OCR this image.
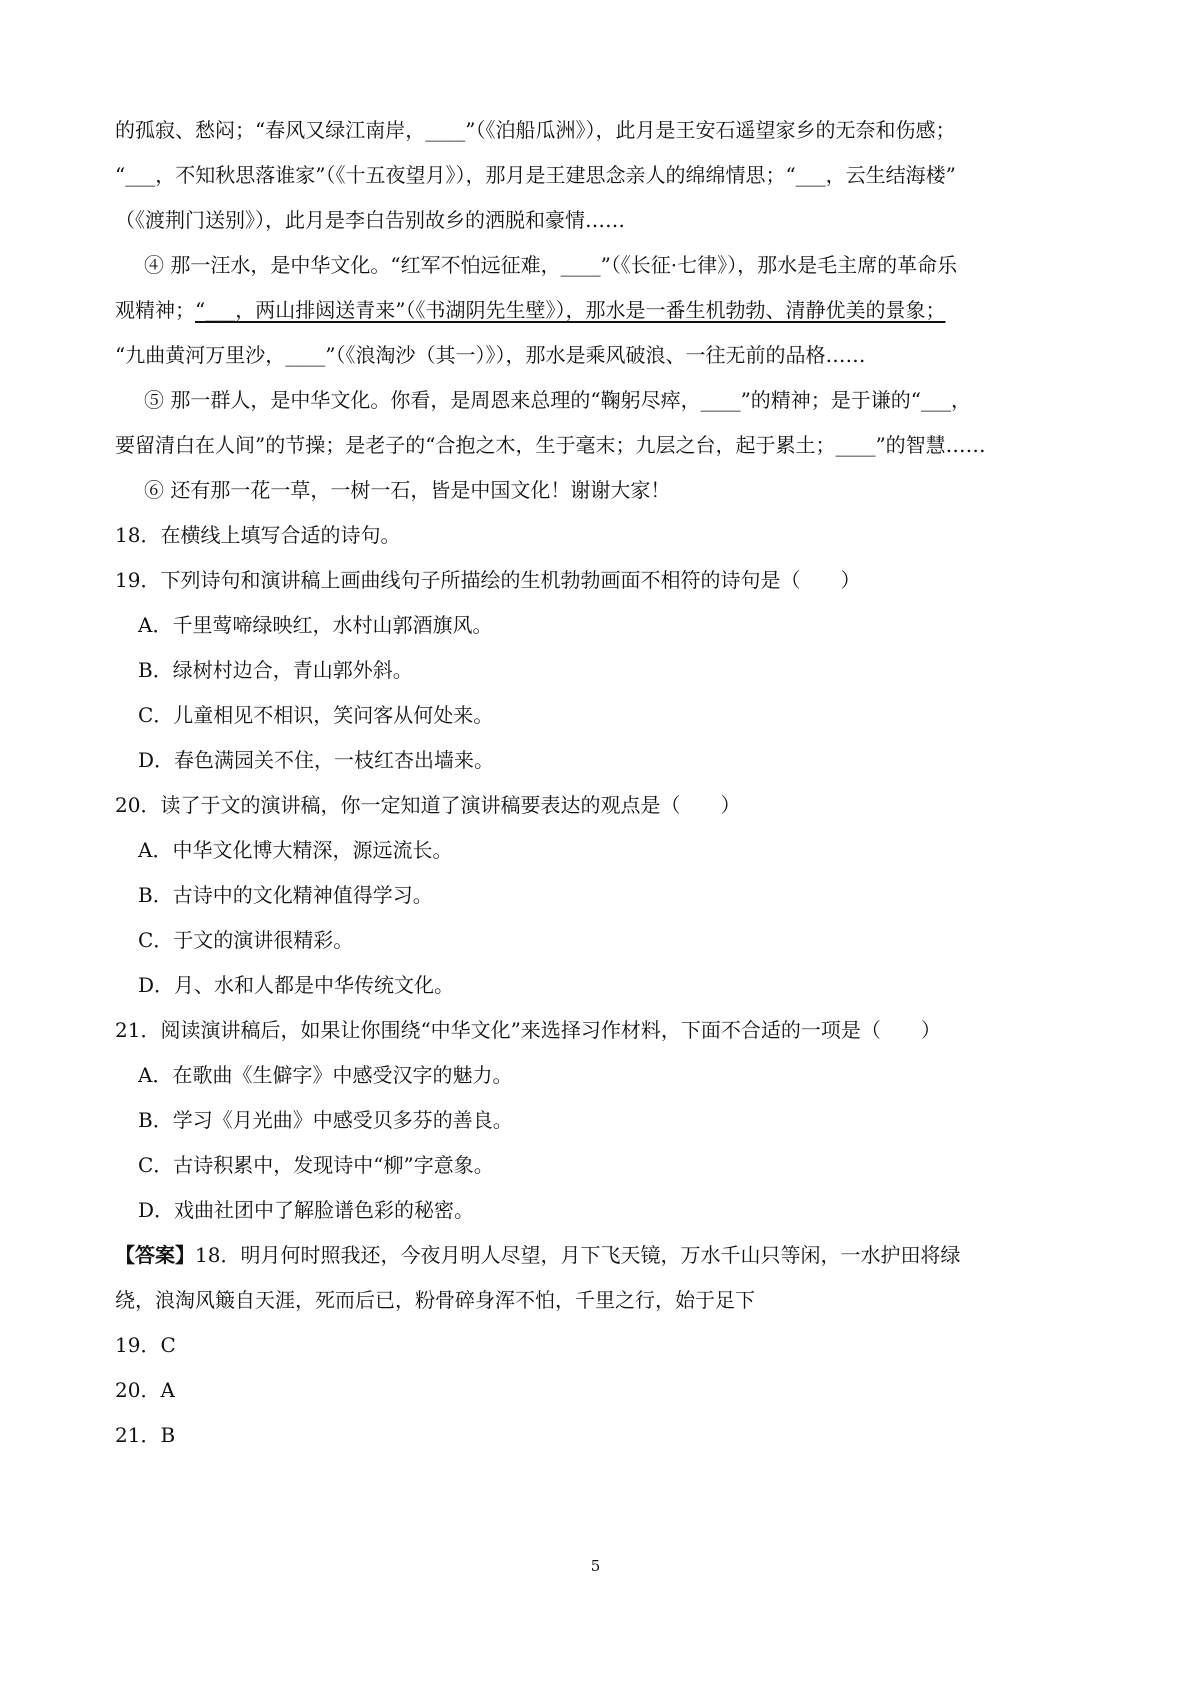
的孤寂、愁闷；“春风又绿江南岸，____”（《泊船瓜洲》），此月是王安石遥望家乡的无奈和伤感；
“___，不知秋思落谁家”（《十五夜望月》），那月是王建思念亲人的绵绵情思；“___，云生结海楼”
（《渡荆门送别》），此月是李白告别故乡的洒脱和豪情……
④ 那一汪水，是中华文化。“红军不怕远征难，____”（《长征·七律》），那水是毛主席的革命乐
观精神；“___，两山排闼送青来”（《书湖阴先生壁》），那水是一番生机勃勃、清静优美的景象；
“九曲黄河万里沙，____”（《浪淘沙（其一）》），那水是乘风破浪、一往无前的品格……
⑤ 那一群人，是中华文化。你看，是周恩来总理的“鞠躬尽瘁，____”的精神；是于谦的“___，
要留清白在人间”的节操；是老子的“合抱之木，生于毫末；九层之台，起于累土；____”的智慧……
⑥ 还有那一花一草，一树一石，皆是中国文化！谢谢大家！
18．在横线上填写合适的诗句。
19．下列诗句和演讲稿上画曲线句子所描绘的生机勃勃画面不相符的诗句是（　　）
A．千里莺啼绿映红，水村山郭酒旗风。
B．绿树村边合，青山郭外斜。
C．儿童相见不相识，笑问客从何处来。
D．春色满园关不住，一枝红杏出墙来。
20．读了于文的演讲稿，你一定知道了演讲稿要表达的观点是（　　）
A．中华文化博大精深，源远流长。
B．古诗中的文化精神值得学习。
C．于文的演讲很精彩。
D．月、水和人都是中华传统文化。
21．阅读演讲稿后，如果让你围绕“中华文化”来选择习作材料，下面不合适的一项是（　　）
A．在歌曲《生僻字》中感受汉字的魅力。
B．学习《月光曲》中感受贝多芬的善良。
C．古诗积累中，发现诗中“柳”字意象。
D．戏曲社团中了解脸谱色彩的秘密。
【答案】18．明月何时照我还，今夜月明人尽望，月下飞天镜，万水千山只等闲，一水护田将绿
绕，浪淘风簸自天涯，死而后已，粉骨碎身浑不怕，千里之行，始于足下
19．C
20．A
21．B
5
